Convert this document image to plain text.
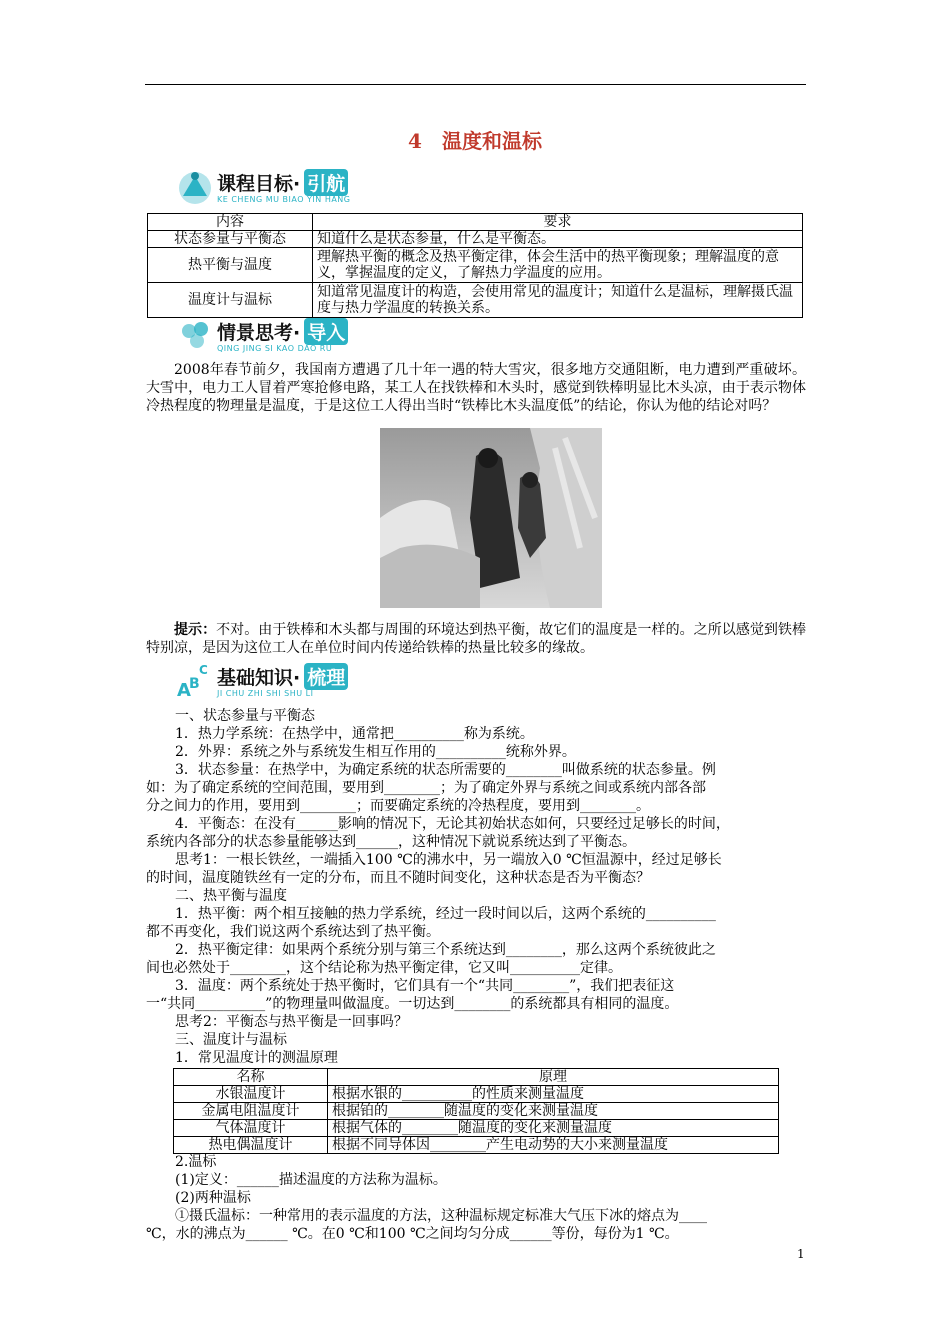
4　温度和温标
课程目标· 引航
KE CHENG MU BIAO YIN HANG
内容	要求
状态参量与平衡态	知道什么是状态参量，什么是平衡态。
热平衡与温度	理解热平衡的概念及热平衡定律，体会生活中的热平衡现象；理解温度的意义，掌握温度的定义，了解热力学温度的应用。
温度计与温标	知道常见温度计的构造，会使用常见的温度计；知道什么是温标，理解摄氏温度与热力学温度的转换关系。
情景思考· 导入
QING JING SI KAO DAO RU
2008年春节前夕，我国南方遭遇了几十年一遇的特大雪灾，很多地方交通阻断，电力遭到严重破坏。大雪中，电力工人冒着严寒抢修电路，某工人在找铁棒和木头时，感觉到铁棒明显比木头凉，由于表示物体冷热程度的物理量是温度，于是这位工人得出当时“铁棒比木头温度低”的结论，你认为他的结论对吗？
提示：不对。由于铁棒和木头都与周围的环境达到热平衡，故它们的温度是一样的。之所以感觉到铁棒特别凉，是因为这位工人在单位时间内传递给铁棒的热量比较多的缘故。
A
B
C 基础知识· 梳理
JI CHU ZHI SHI SHU LI
一、状态参量与平衡态
1．热力学系统：在热学中，通常把__________称为系统。
2．外界：系统之外与系统发生相互作用的__________统称外界。
3．状态参量：在热学中，为确定系统的状态所需要的________叫做系统的状态参量。例
如：为了确定系统的空间范围，要用到________；为了确定外界与系统之间或系统内部各部
分之间力的作用，要用到________；而要确定系统的冷热程度，要用到________。
4．平衡态：在没有______影响的情况下，无论其初始状态如何，只要经过足够长的时间，
系统内各部分的状态参量能够达到______，这种情况下就说系统达到了平衡态。
思考1：一根长铁丝，一端插入100 ℃的沸水中，另一端放入0 ℃恒温源中，经过足够长
的时间，温度随铁丝有一定的分布，而且不随时间变化，这种状态是否为平衡态？
二、热平衡与温度
1．热平衡：两个相互接触的热力学系统，经过一段时间以后，这两个系统的__________
都不再变化，我们说这两个系统达到了热平衡。
2．热平衡定律：如果两个系统分别与第三个系统达到________，那么这两个系统彼此之
间也必然处于________，这个结论称为热平衡定律，它又叫__________定律。
3．温度：两个系统处于热平衡时，它们具有一个“共同________”，我们把表征这
一“共同__________”的物理量叫做温度。一切达到________的系统都具有相同的温度。
思考2：平衡态与热平衡是一回事吗？
三、温度计与温标
1．常见温度计的测温原理
名称	原理
水银温度计	根据水银的__________的性质来测量温度
金属电阻温度计	根据铂的________随温度的变化来测量温度
气体温度计	根据气体的________随温度的变化来测量温度
热电偶温度计	根据不同导体因________产生电动势的大小来测量温度
2.温标
(1)定义：______描述温度的方法称为温标。
(2)两种温标
①摄氏温标：一种常用的表示温度的方法，这种温标规定标准大气压下冰的熔点为____
℃，水的沸点为______ ℃。在0 ℃和100 ℃之间均匀分成______等份，每份为1 ℃。
1
